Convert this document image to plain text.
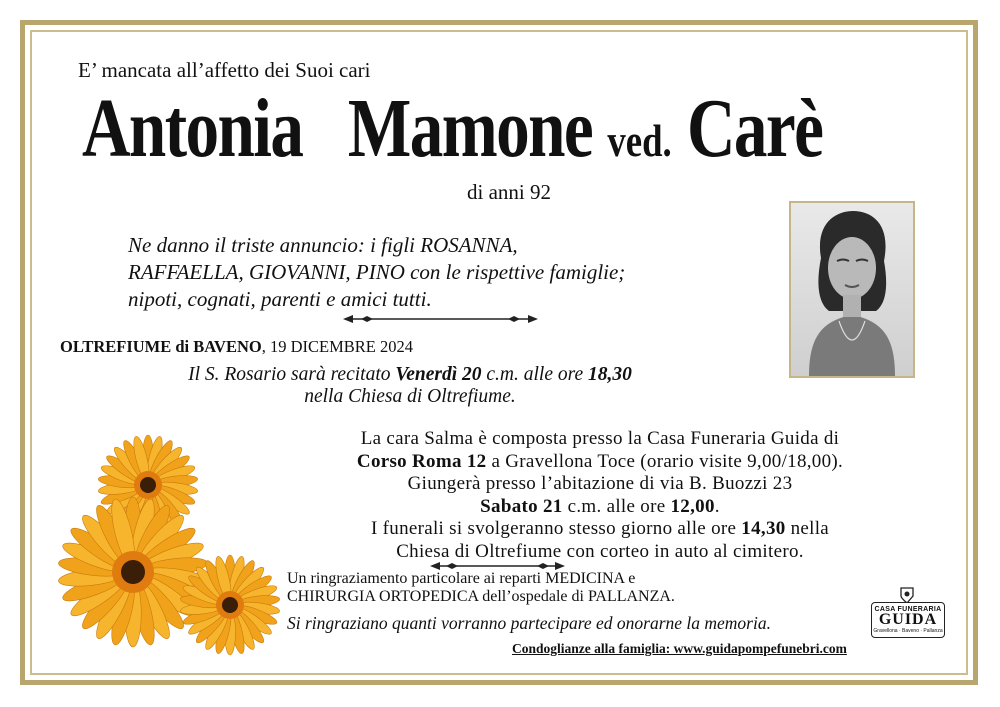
E’ mancata all’affetto dei Suoi cari
Antonia Mamone ved. Carè
di anni 92
Ne danno il triste annuncio: i figli ROSANNA,
RAFFAELLA, GIOVANNI, PINO con le rispettive famiglie;
nipoti, cognati, parenti e amici tutti.
OLTREFIUME di BAVENO, 19 DICEMBRE 2024
Il S. Rosario sarà recitato Venerdì 20 c.m. alle ore 18,30
nella Chiesa di Oltrefiume.
La cara Salma è composta presso la Casa Funeraria Guida di
Corso Roma 12 a Gravellona Toce (orario visite 9,00/18,00).
Giungerà presso l’abitazione di via B. Buozzi 23
Sabato 21 c.m. alle ore 12,00.
I funerali si svolgeranno stesso giorno alle ore 14,30 nella
Chiesa di Oltrefiume con corteo in auto al cimitero.
Un ringraziamento particolare ai reparti MEDICINA e
CHIRURGIA ORTOPEDICA dell’ospedale di PALLANZA.
Si ringraziano quanti vorranno partecipare ed onorarne la memoria.
Condoglianze alla famiglia: www.guidapompefunebri.com
CASA FUNERARIA
GUIDA
Gravellona · Baveno · Pallanza
